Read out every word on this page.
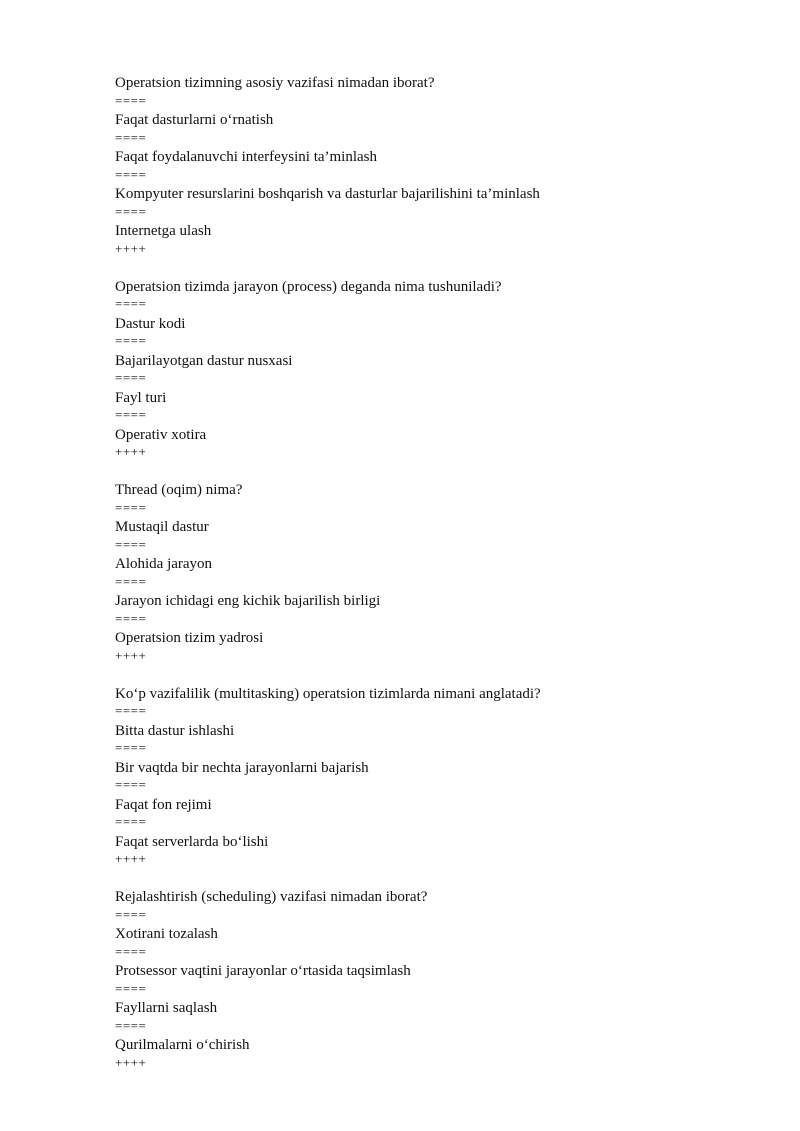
Operatsion tizimning asosiy vazifasi nimadan iborat?
====
Faqat dasturlarni o‘rnatish
====
Faqat foydalanuvchi interfeysini ta’minlash
====
Kompyuter resurslarini boshqarish va dasturlar bajarilishini ta’minlash
====
Internetga ulash
++++
Operatsion tizimda jarayon (process) deganda nima tushuniladi?
====
Dastur kodi
====
Bajarilayotgan dastur nusxasi
====
Fayl turi
====
Operativ xotira
++++
Thread (oqim) nima?
====
Mustaqil dastur
====
Alohida jarayon
====
Jarayon ichidagi eng kichik bajarilish birligi
====
Operatsion tizim yadrosi
++++
Ko‘p vazifalilik (multitasking) operatsion tizimlarda nimani anglatadi?
====
Bitta dastur ishlashi
====
Bir vaqtda bir nechta jarayonlarni bajarish
====
Faqat fon rejimi
====
Faqat serverlarda bo‘lishi
++++
Rejalashtirish (scheduling) vazifasi nimadan iborat?
====
Xotirani tozalash
====
Protsessor vaqtini jarayonlar o‘rtasida taqsimlash
====
Fayllarni saqlash
====
Qurilmalarni o‘chirish
++++
